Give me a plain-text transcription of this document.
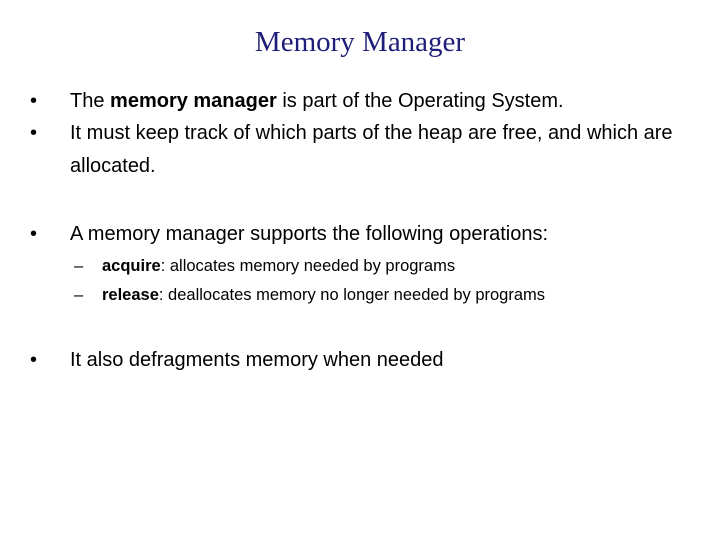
Memory Manager
•	The memory manager is part of the Operating System.
•	It must keep track of which parts of the heap are free, and which are allocated.
•	A memory manager supports the following operations:
–	acquire: allocates memory needed by programs
–	release: deallocates memory no longer needed by programs
•	It also defragments memory when needed
